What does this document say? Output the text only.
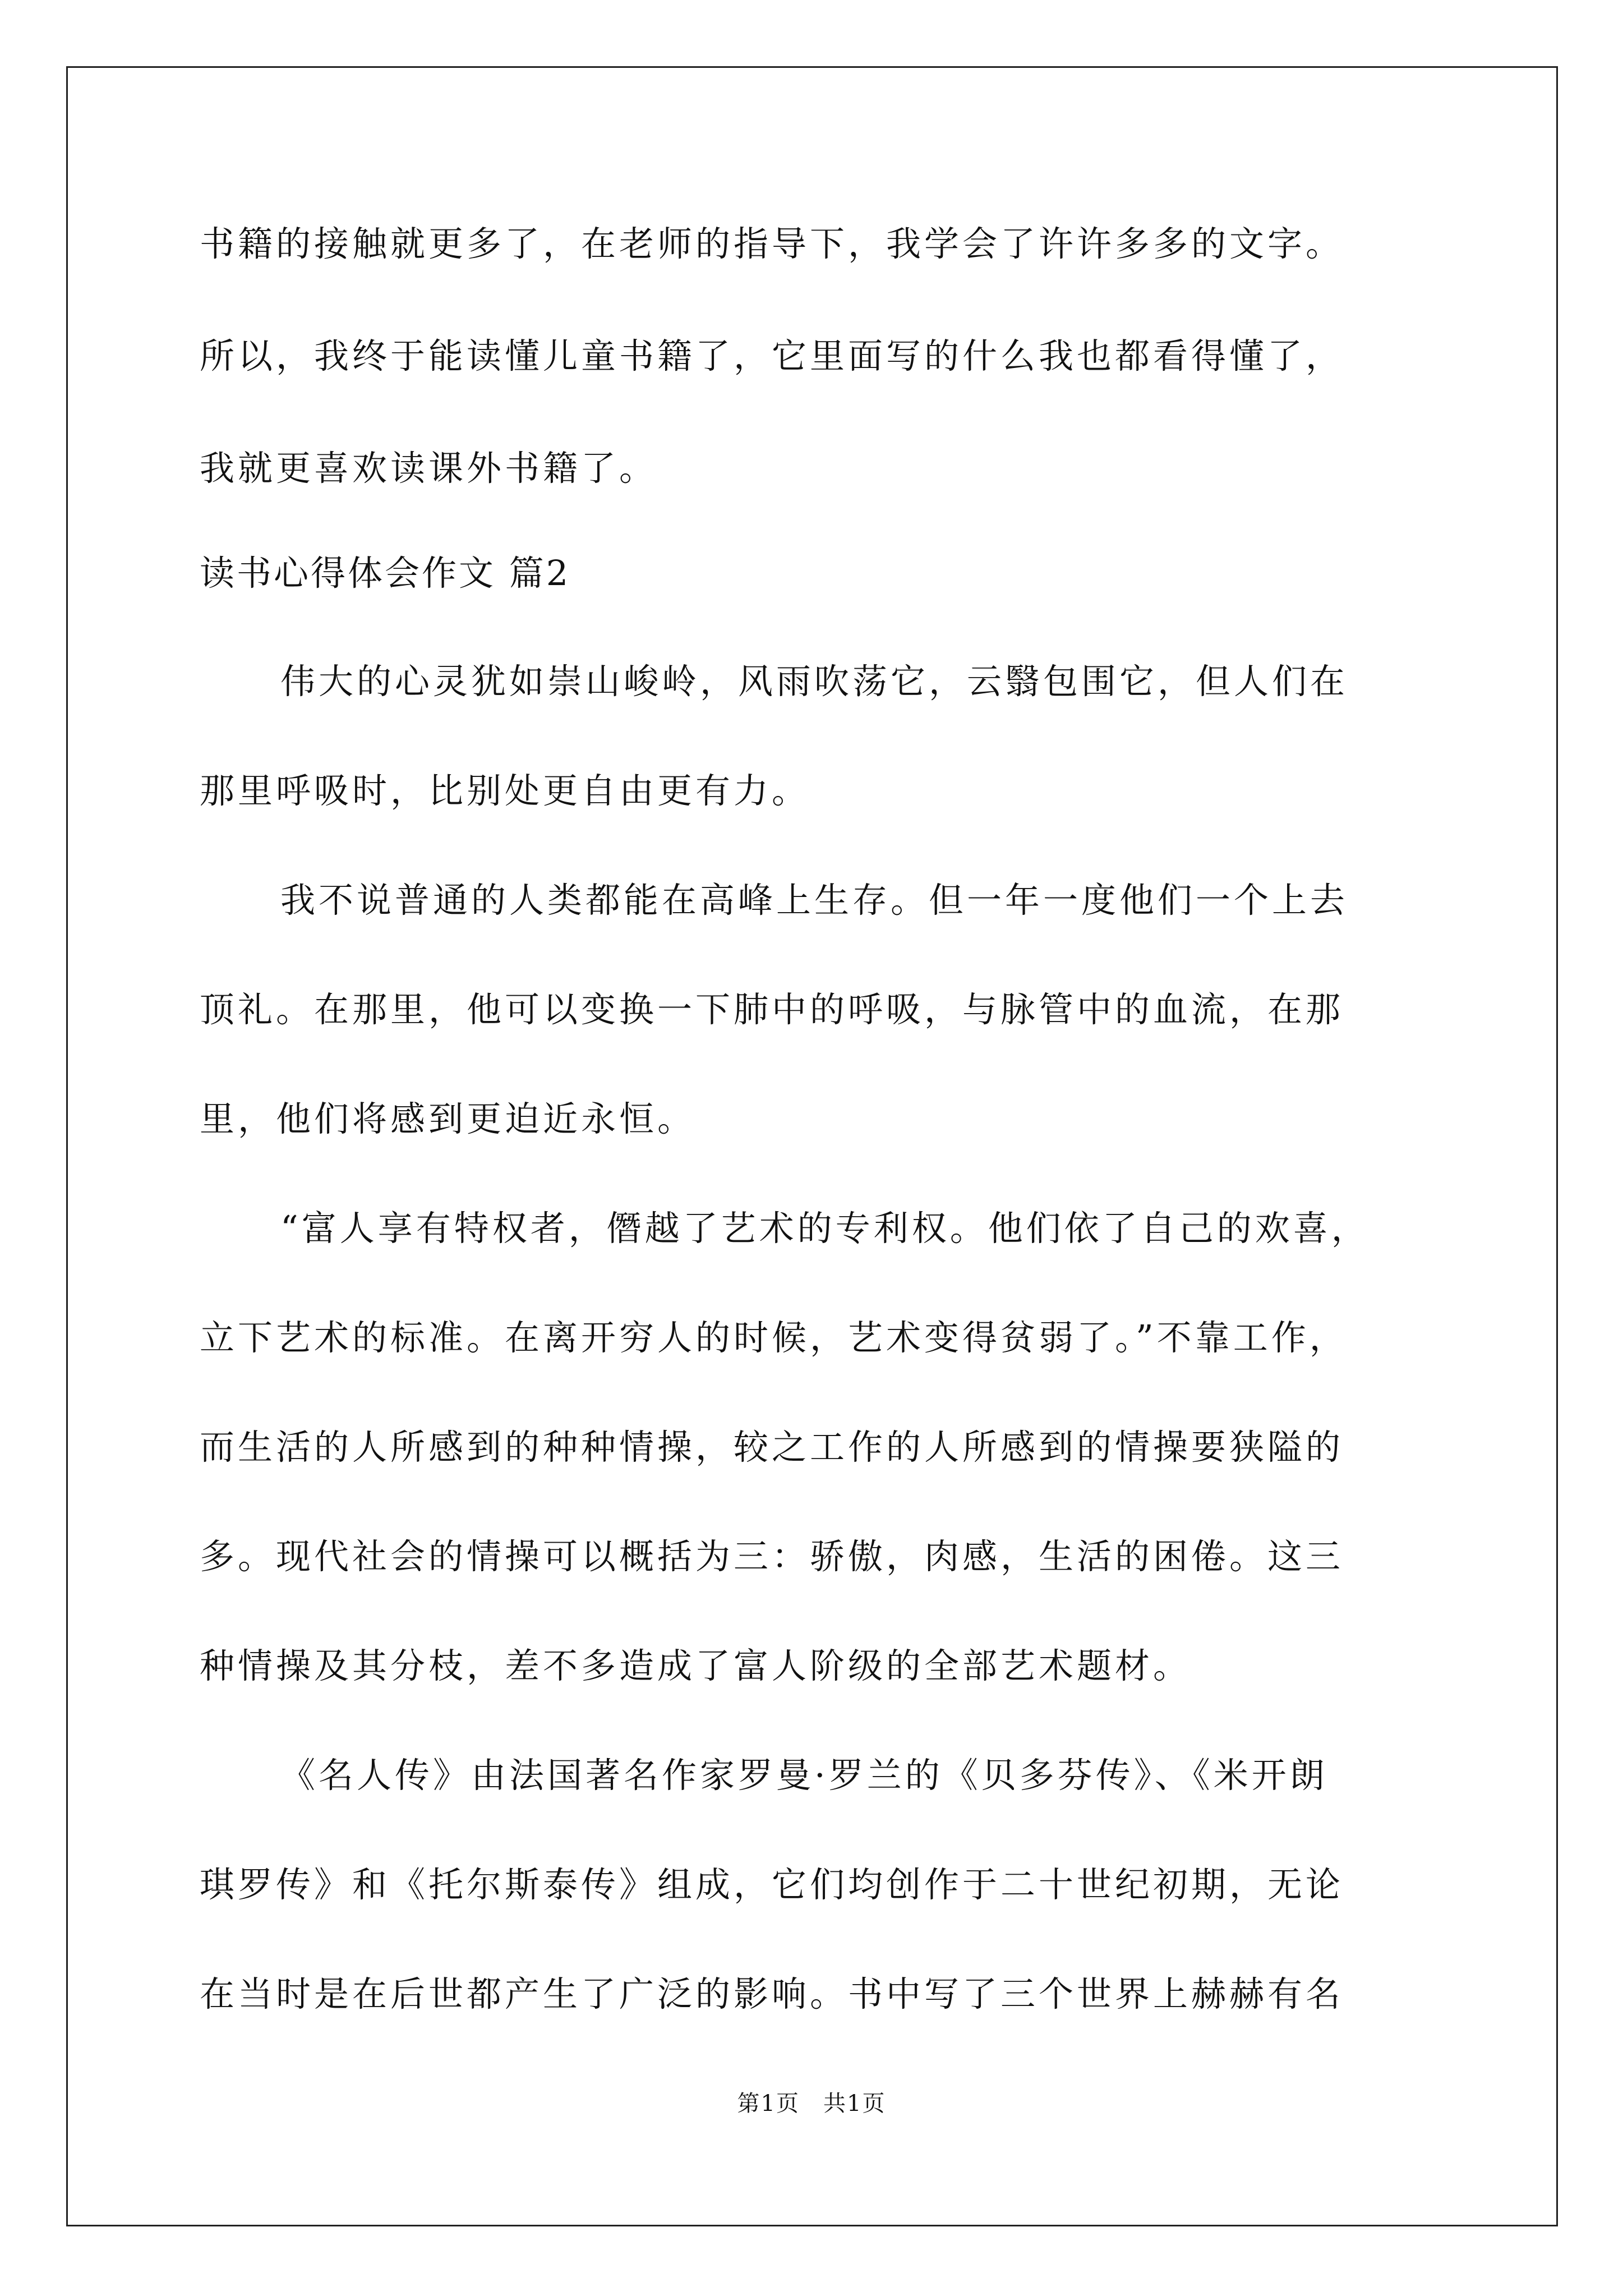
书籍的接触就更多了，在老师的指导下，我学会了许许多多的文字。
所以，我终于能读懂儿童书籍了，它里面写的什么我也都看得懂了，
我就更喜欢读课外书籍了。
读书心得体会作文 篇2
伟大的心灵犹如崇山峻岭，风雨吹荡它，云翳包围它，但人们在
那里呼吸时，比别处更自由更有力。
我不说普通的人类都能在高峰上生存。但一年一度他们一个上去
顶礼。在那里，他可以变换一下肺中的呼吸，与脉管中的血流，在那
里，他们将感到更迫近永恒。
“富人享有特权者，僭越了艺术的专利权。他们依了自己的欢喜，
立下艺术的标准。在离开穷人的时候，艺术变得贫弱了。”不靠工作，
而生活的人所感到的种种情操，较之工作的人所感到的情操要狭隘的
多。现代社会的情操可以概括为三：骄傲，肉感，生活的困倦。这三
种情操及其分枝，差不多造成了富人阶级的全部艺术题材。
《名人传》由法国著名作家罗曼·罗兰的《贝多芬传》、《米开朗
琪罗传》和《托尔斯泰传》组成，它们均创作于二十世纪初期，无论
在当时是在后世都产生了广泛的影响。书中写了三个世界上赫赫有名
第1页　共1页
